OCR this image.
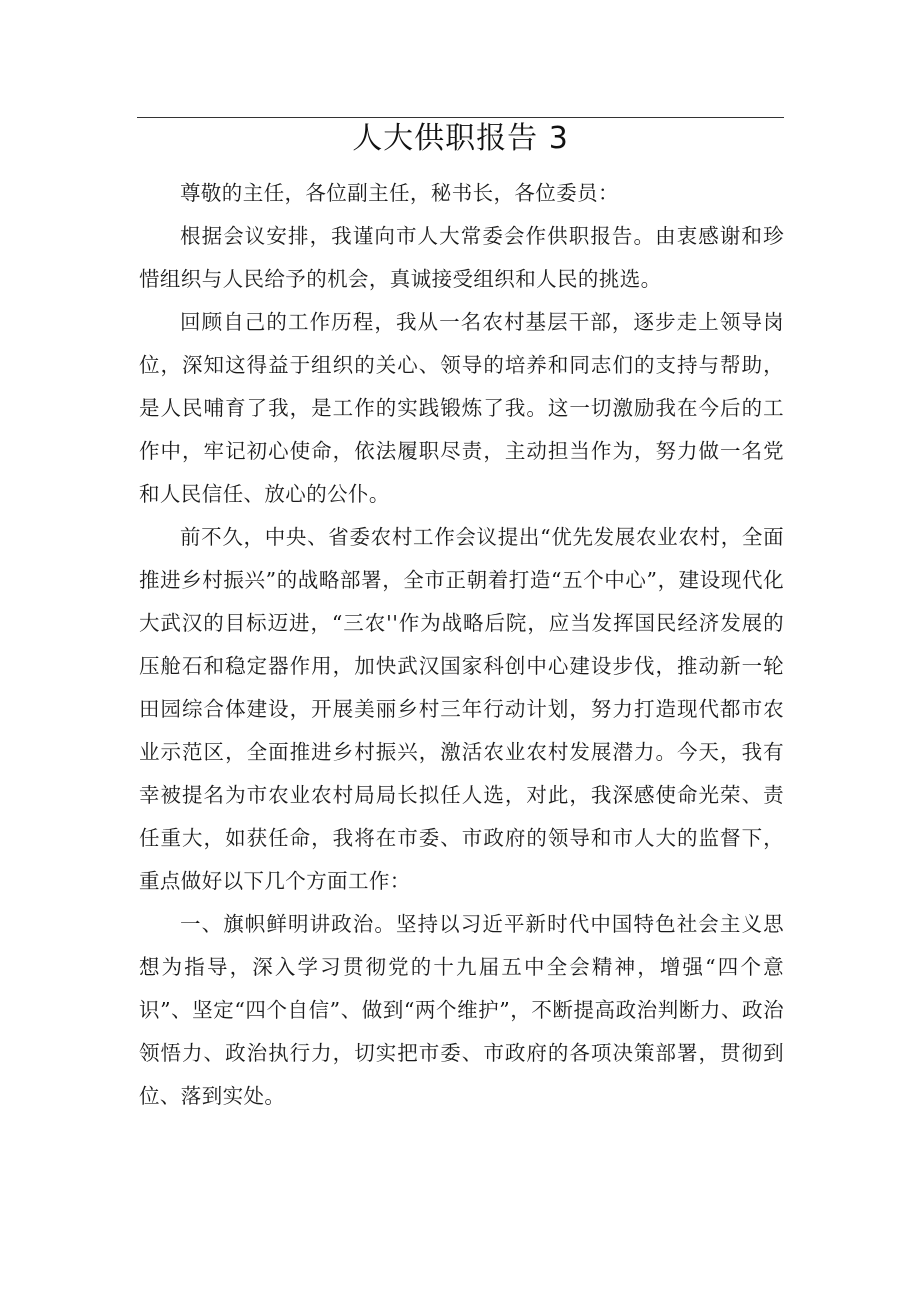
人大供职报告 3

尊敬的主任，各位副主任，秘书长，各位委员：

根据会议安排，我谨向市人大常委会作供职报告。由衷感谢和珍惜组织与人民给予的机会，真诚接受组织和人民的挑选。

回顾自己的工作历程，我从一名农村基层干部，逐步走上领导岗位，深知这得益于组织的关心、领导的培养和同志们的支持与帮助，是人民哺育了我，是工作的实践锻炼了我。这一切激励我在今后的工作中，牢记初心使命，依法履职尽责，主动担当作为，努力做一名党和人民信任、放心的公仆。

前不久，中央、省委农村工作会议提出“优先发展农业农村，全面推进乡村振兴”的战略部署，全市正朝着打造“五个中心”，建设现代化大武汉的目标迈进，“三农''作为战略后院，应当发挥国民经济发展的压舱石和稳定器作用，加快武汉国家科创中心建设步伐，推动新一轮田园综合体建设，开展美丽乡村三年行动计划，努力打造现代都市农业示范区，全面推进乡村振兴，激活农业农村发展潜力。今天，我有幸被提名为市农业农村局局长拟任人选，对此，我深感使命光荣、责任重大，如获任命，我将在市委、市政府的领导和市人大的监督下，重点做好以下几个方面工作：

一、旗帜鲜明讲政治。坚持以习近平新时代中国特色社会主义思想为指导，深入学习贯彻党的十九届五中全会精神，增强“四个意识”、坚定“四个自信”、做到“两个维护”，不断提高政治判断力、政治领悟力、政治执行力，切实把市委、市政府的各项决策部署，贯彻到位、落到实处。
